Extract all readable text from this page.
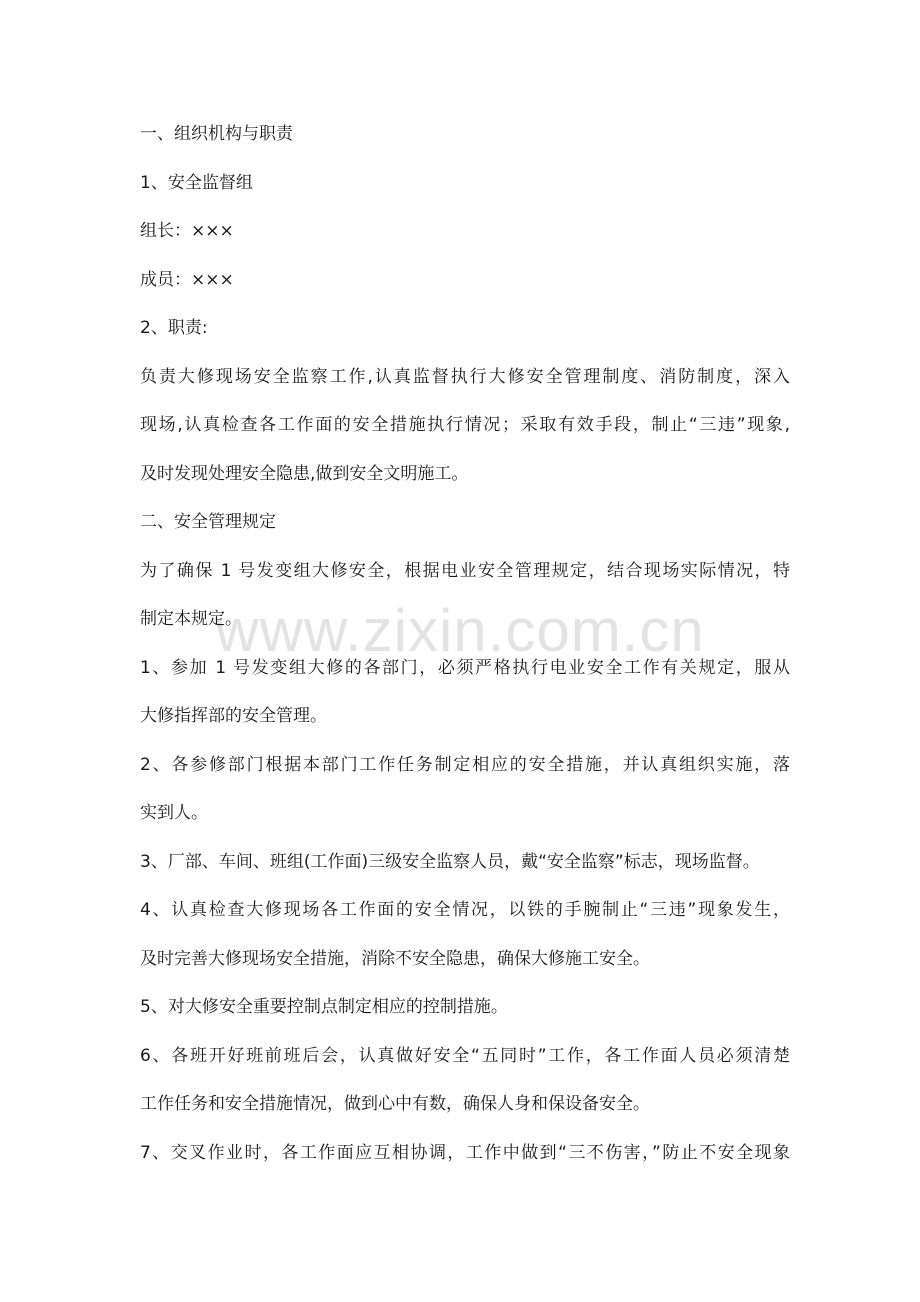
www.zixin.com.cn
一、组织机构与职责
1、安全监督组
组长：×××
成员：×××
2、职责:
负责大修现场安全监察工作,认真监督执行大修安全管理制度、消防制度，深入
现场,认真检查各工作面的安全措施执行情况；采取有效手段，制止“三违”现象,
及时发现处理安全隐患,做到安全文明施工。
二、安全管理规定
为了确保 1 号发变组大修安全，根据电业安全管理规定，结合现场实际情况，特
制定本规定。
1、参加 1 号发变组大修的各部门，必须严格执行电业安全工作有关规定，服从
大修指挥部的安全管理。
2、各参修部门根据本部门工作任务制定相应的安全措施，并认真组织实施，落
实到人。
3、厂部、车间、班组(工作面)三级安全监察人员，戴“安全监察”标志，现场监督。
4、认真检查大修现场各工作面的安全情况，以铁的手腕制止“三违”现象发生，
及时完善大修现场安全措施，消除不安全隐患，确保大修施工安全。
5、对大修安全重要控制点制定相应的控制措施。
6、各班开好班前班后会，认真做好安全“五同时”工作，各工作面人员必须清楚
工作任务和安全措施情况，做到心中有数，确保人身和保设备安全。
7、交叉作业时，各工作面应互相协调，工作中做到“三不伤害，”防止不安全现象
